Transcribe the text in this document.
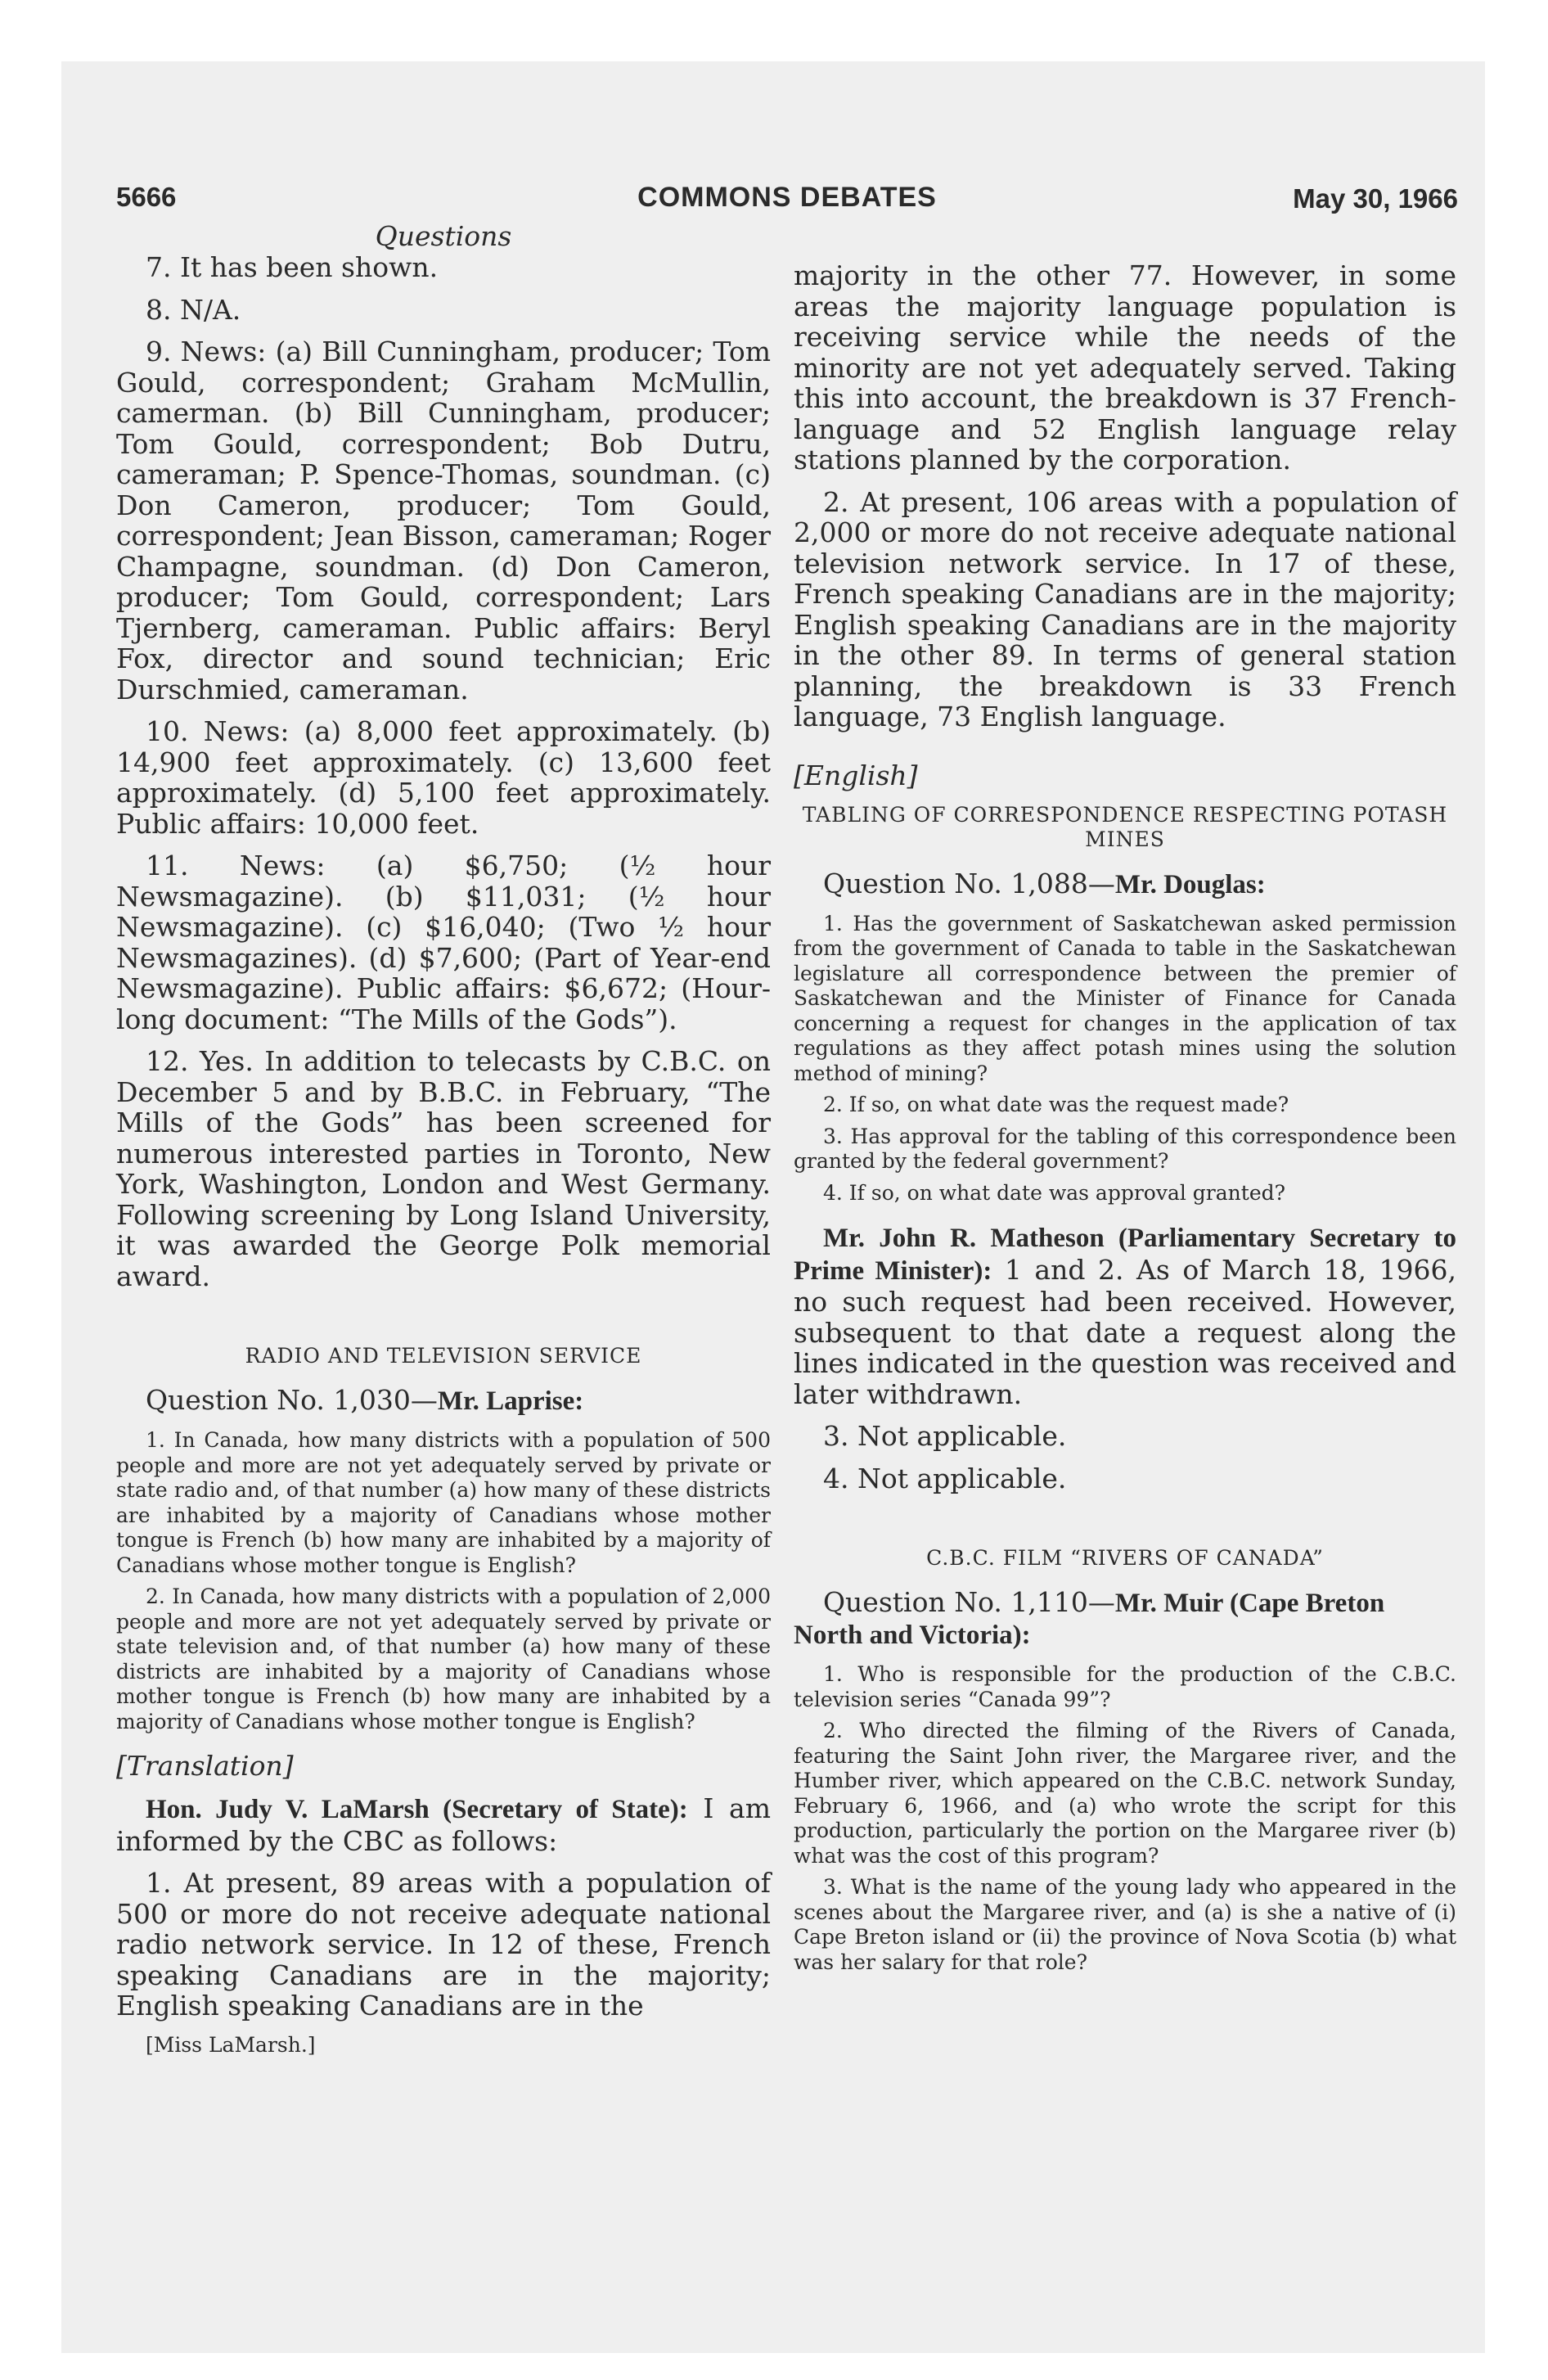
5666	COMMONS DEBATES	May 30, 1966

Questions

7. It has been shown.

8. N/A.

9. News: (a) Bill Cunningham, producer; Tom Gould, correspondent; Graham McMullin, camerman. (b) Bill Cunningham, producer; Tom Gould, correspondent; Bob Dutru, cameraman; P. Spence-Thomas, soundman. (c) Don Cameron, producer; Tom Gould, correspondent; Jean Bisson, cameraman; Roger Champagne, soundman. (d) Don Cameron, producer; Tom Gould, correspondent; Lars Tjernberg, cameraman. Public affairs: Beryl Fox, director and sound technician; Eric Durschmied, cameraman.

10. News: (a) 8,000 feet approximately. (b) 14,900 feet approximately. (c) 13,600 feet approximately. (d) 5,100 feet approximately. Public affairs: 10,000 feet.

11. News: (a) $6,750; (½ hour Newsmagazine). (b) $11,031; (½ hour Newsmagazine). (c) $16,040; (Two ½ hour Newsmagazines). (d) $7,600; (Part of Year-end Newsmagazine). Public affairs: $6,672; (Hour-long document: “The Mills of the Gods”).

12. Yes. In addition to telecasts by C.B.C. on December 5 and by B.B.C. in February, “The Mills of the Gods” has been screened for numerous interested parties in Toronto, New York, Washington, London and West Germany. Following screening by Long Island University, it was awarded the George Polk memorial award.

RADIO AND TELEVISION SERVICE

Question No. 1,030—Mr. Laprise:

1. In Canada, how many districts with a population of 500 people and more are not yet adequately served by private or state radio and, of that number (a) how many of these districts are inhabited by a majority of Canadians whose mother tongue is French (b) how many are inhabited by a majority of Canadians whose mother tongue is English?

2. In Canada, how many districts with a population of 2,000 people and more are not yet adequately served by private or state television and, of that number (a) how many of these districts are inhabited by a majority of Canadians whose mother tongue is French (b) how many are inhabited by a majority of Canadians whose mother tongue is English?

[Translation]

Hon. Judy V. LaMarsh (Secretary of State): I am informed by the CBC as follows:

1. At present, 89 areas with a population of 500 or more do not receive adequate national radio network service. In 12 of these, French speaking Canadians are in the majority; English speaking Canadians are in the

[Miss LaMarsh.]

majority in the other 77. However, in some areas the majority language population is receiving service while the needs of the minority are not yet adequately served. Taking this into account, the breakdown is 37 French-language and 52 English language relay stations planned by the corporation.

2. At present, 106 areas with a population of 2,000 or more do not receive adequate national television network service. In 17 of these, French speaking Canadians are in the majority; English speaking Canadians are in the majority in the other 89. In terms of general station planning, the breakdown is 33 French language, 73 English language.

[English]

TABLING OF CORRESPONDENCE RESPECTING POTASH MINES

Question No. 1,088—Mr. Douglas:

1. Has the government of Saskatchewan asked permission from the government of Canada to table in the Saskatchewan legislature all correspondence between the premier of Saskatchewan and the Minister of Finance for Canada concerning a request for changes in the application of tax regulations as they affect potash mines using the solution method of mining?

2. If so, on what date was the request made?

3. Has approval for the tabling of this correspondence been granted by the federal government?

4. If so, on what date was approval granted?

Mr. John R. Matheson (Parliamentary Secretary to Prime Minister): 1 and 2. As of March 18, 1966, no such request had been received. However, subsequent to that date a request along the lines indicated in the question was received and later withdrawn.

3. Not applicable.

4. Not applicable.

C.B.C. FILM “RIVERS OF CANADA”

Question No. 1,110—Mr. Muir (Cape Breton North and Victoria):

1. Who is responsible for the production of the C.B.C. television series “Canada 99”?

2. Who directed the filming of the Rivers of Canada, featuring the Saint John river, the Margaree river, and the Humber river, which appeared on the C.B.C. network Sunday, February 6, 1966, and (a) who wrote the script for this production, particularly the portion on the Margaree river (b) what was the cost of this program?

3. What is the name of the young lady who appeared in the scenes about the Margaree river, and (a) is she a native of (i) Cape Breton island or (ii) the province of Nova Scotia (b) what was her salary for that role?
